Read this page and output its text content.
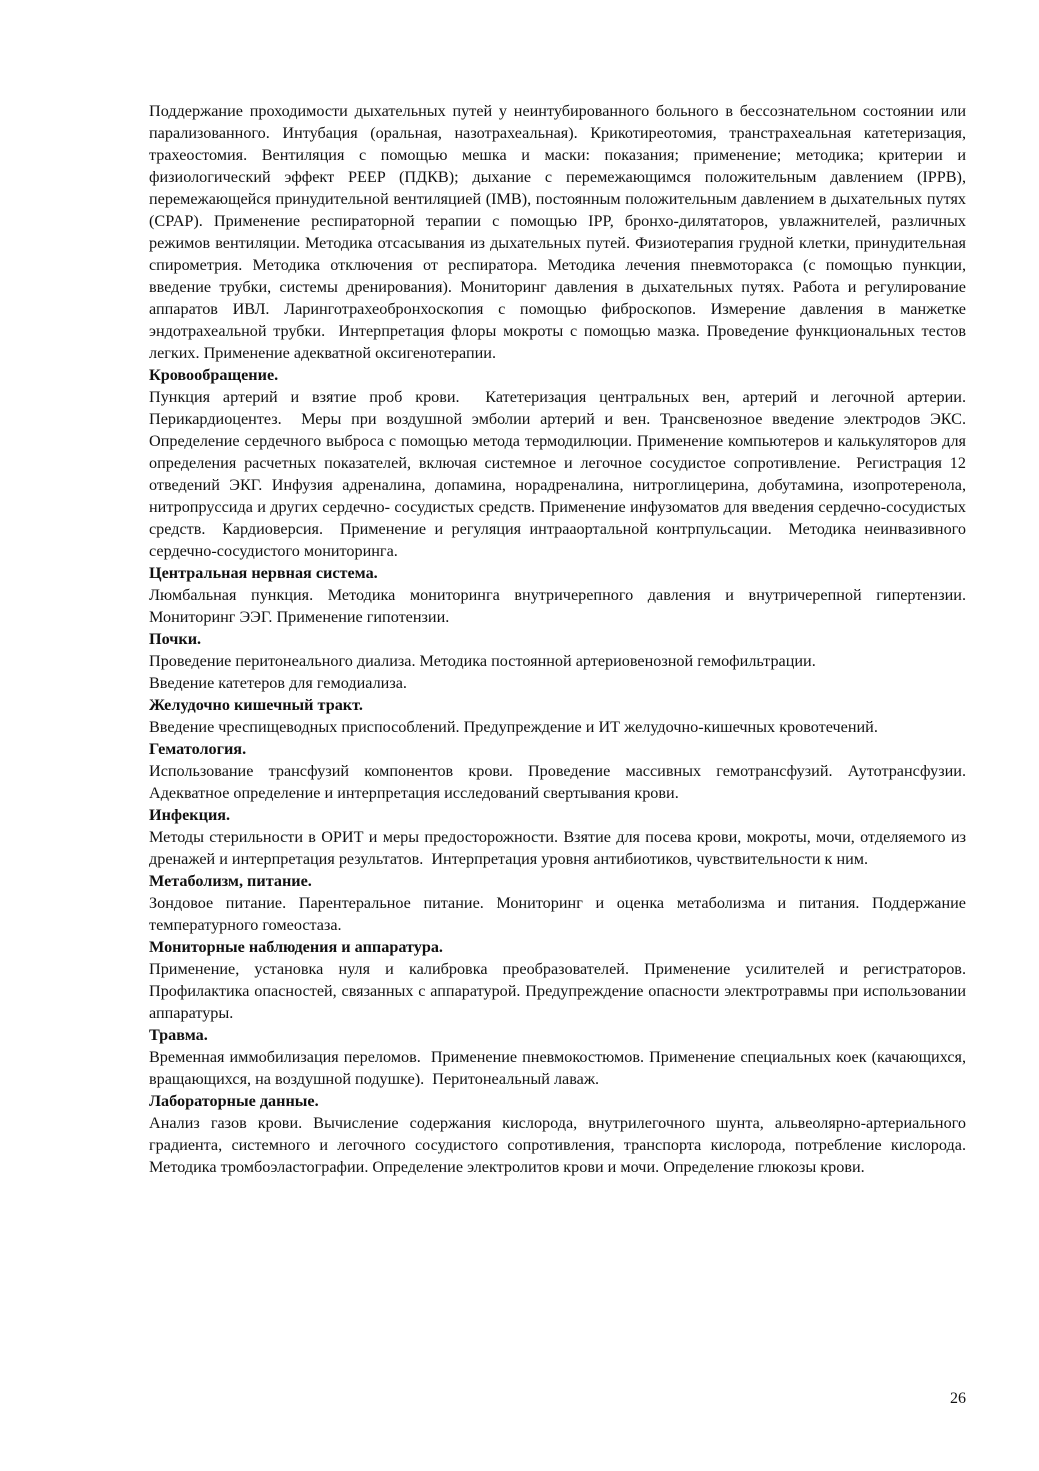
Поддержание проходимости дыхательных путей у неинтубированного больного в бессознательном состоянии или парализованного. Интубация (оральная, назотрахеальная). Крикотиреотомия, транстрахеальная катетеризация, трахеостомия. Вентиляция с помощью мешка и маски: показания; применение; методика; критерии и физиологический эффект PEEP (ПДКВ); дыхание с перемежающимся положительным давлением (IPPB), перемежающейся принудительной вентиляцией (IMB), постоянным положительным давлением в дыхательных путях (CPAP). Применение респираторной терапии с помощью IPP, бронхо-дилятаторов, увлажнителей, различных режимов вентиляции. Методика отсасывания из дыхательных путей. Физиотерапия грудной клетки, принудительная спирометрия. Методика отключения от респиратора. Методика лечения пневмоторакса (с помощью пункции, введение трубки, системы дренирования). Мониторинг давления в дыхательных путях. Работа и регулирование аппаратов ИВЛ. Ларинготрахеобронхоскопия с помощью фиброскопов. Измерение давления в манжетке эндотрахеальной трубки.  Интерпретация флоры мокроты с помощью мазка. Проведение функциональных тестов легких. Применение адекватной оксигенотерапии.

Кровообращение.

Пункция артерий и взятие проб крови.  Катетеризация центральных вен, артерий и легочной артерии. Перикардиоцентез.  Меры при воздушной эмболии артерий и вен. Трансвенозное введение электродов ЭКС. Определение сердечного выброса с помощью метода термодилюции. Применение компьютеров и калькуляторов для определения расчетных показателей, включая системное и легочное сосудистое сопротивление.  Регистрация 12 отведений ЭКГ. Инфузия адреналина, допамина, норадреналина, нитроглицерина, добутамина, изопротеренола, нитропруссида и других сердечно- сосудистых средств. Применение инфузоматов для введения сердечно-сосудистых средств.  Кардиоверсия.  Применение и регуляция интрааортальной контрпульсации.  Методика неинвазивного сердечно-сосудистого мониторинга.

Центральная нервная система.

Люмбальная пункция. Методика мониторинга внутричерепного давления и внутричерепной гипертензии. Мониторинг ЭЭГ. Применение гипотензии.

Почки.

Проведение перитонеального диализа. Методика постоянной артериовенозной гемофильтрации.

Введение катетеров для гемодиализа.

Желудочно кишечный тракт.

Введение чреспищеводных приспособлений. Предупреждение и ИТ желудочно-кишечных кровотечений.

Гематология.

Использование трансфузий компонентов крови. Проведение массивных гемотрансфузий. Аутотрансфузии. Адекватное определение и интерпретация исследований свертывания крови.

Инфекция.

Методы стерильности в ОРИТ и меры предосторожности. Взятие для посева крови, мокроты, мочи, отделяемого из дренажей и интерпретация результатов.  Интерпретация уровня антибиотиков, чувствительности к ним.

Метаболизм, питание.

Зондовое питание. Парентеральное питание. Мониторинг и оценка метаболизма и питания. Поддержание температурного гомеостаза.

Мониторные наблюдения и аппаратура.

Применение, установка нуля и калибровка преобразователей. Применение усилителей и регистраторов. Профилактика опасностей, связанных с аппаратурой. Предупреждение опасности электротравмы при использовании аппаратуры.

Травма.

Временная иммобилизация переломов.  Применение пневмокостюмов. Применение специальных коек (качающихся, вращающихся, на воздушной подушке).  Перитонеальный лаваж.

Лабораторные данные.

Анализ газов крови. Вычисление содержания кислорода, внутрилегочного шунта, альвеолярно-артериального градиента, системного и легочного сосудистого сопротивления, транспорта кислорода, потребление кислорода. Методика тромбоэластографии. Определение электролитов крови и мочи. Определение глюкозы крови.

26
